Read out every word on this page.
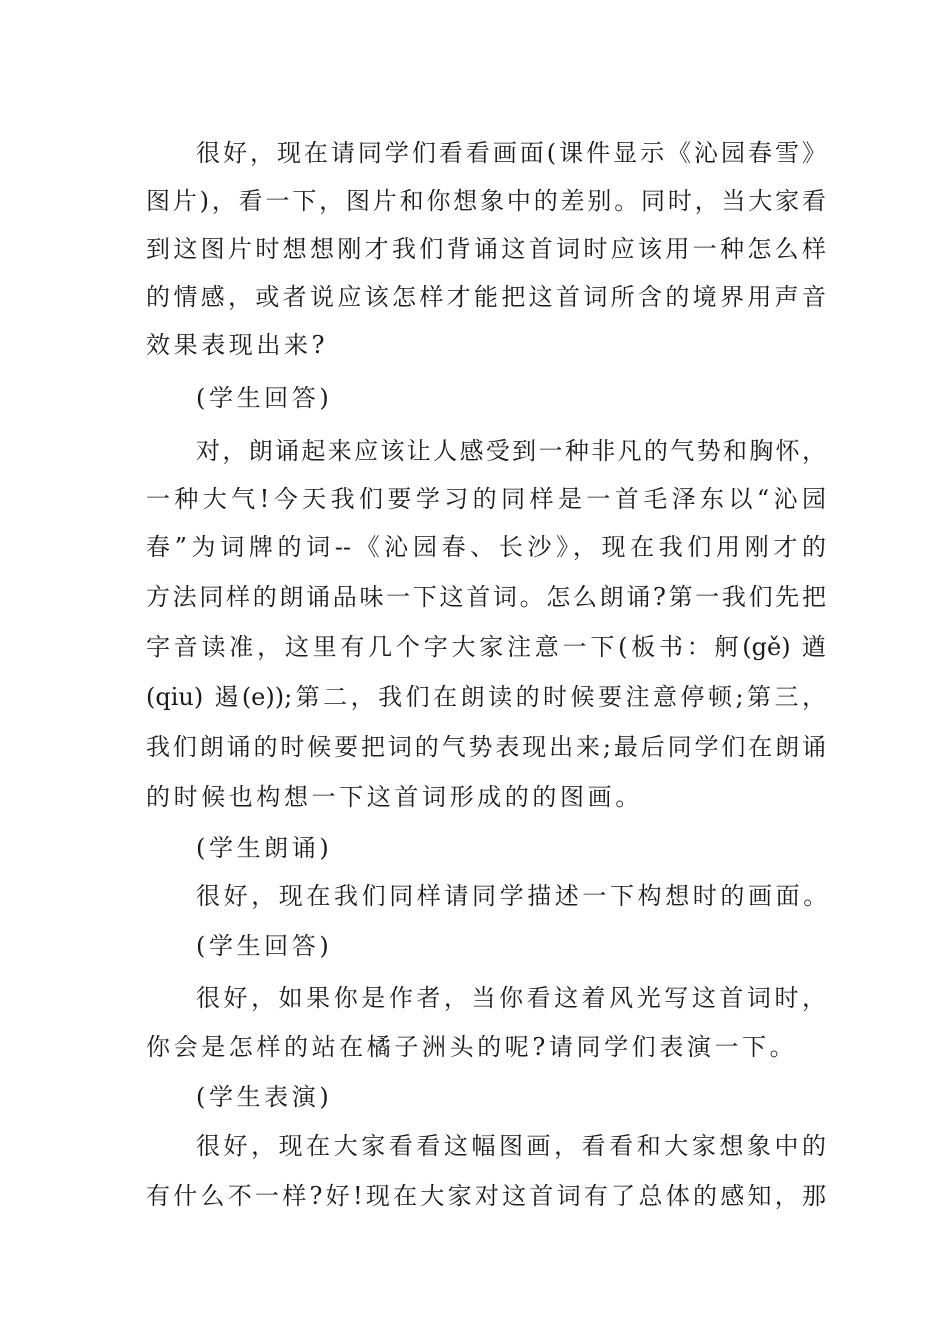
很好，现在请同学们看看画面(课件显示《沁园春雪》
图片)，看一下，图片和你想象中的差别。同时，当大家看
到这图片时想想刚才我们背诵这首词时应该用一种怎么样
的情感，或者说应该怎样才能把这首词所含的境界用声音
效果表现出来?
(学生回答)
对，朗诵起来应该让人感受到一种非凡的气势和胸怀，
一种大气!今天我们要学习的同样是一首毛泽东以“沁园
春”为词牌的词--《沁园春、长沙》，现在我们用刚才的
方法同样的朗诵品味一下这首词。怎么朗诵?第一我们先把
字音读准，这里有几个字大家注意一下(板书：舸(gě) 遒
(qiu) 遏(e));第二，我们在朗读的时候要注意停顿;第三，
我们朗诵的时候要把词的气势表现出来;最后同学们在朗诵
的时候也构想一下这首词形成的的图画。
(学生朗诵)
很好，现在我们同样请同学描述一下构想时的画面。
(学生回答)
很好，如果你是作者，当你看这着风光写这首词时，
你会是怎样的站在橘子洲头的呢?请同学们表演一下。
(学生表演)
很好，现在大家看看这幅图画，看看和大家想象中的
有什么不一样?好!现在大家对这首词有了总体的感知，那
